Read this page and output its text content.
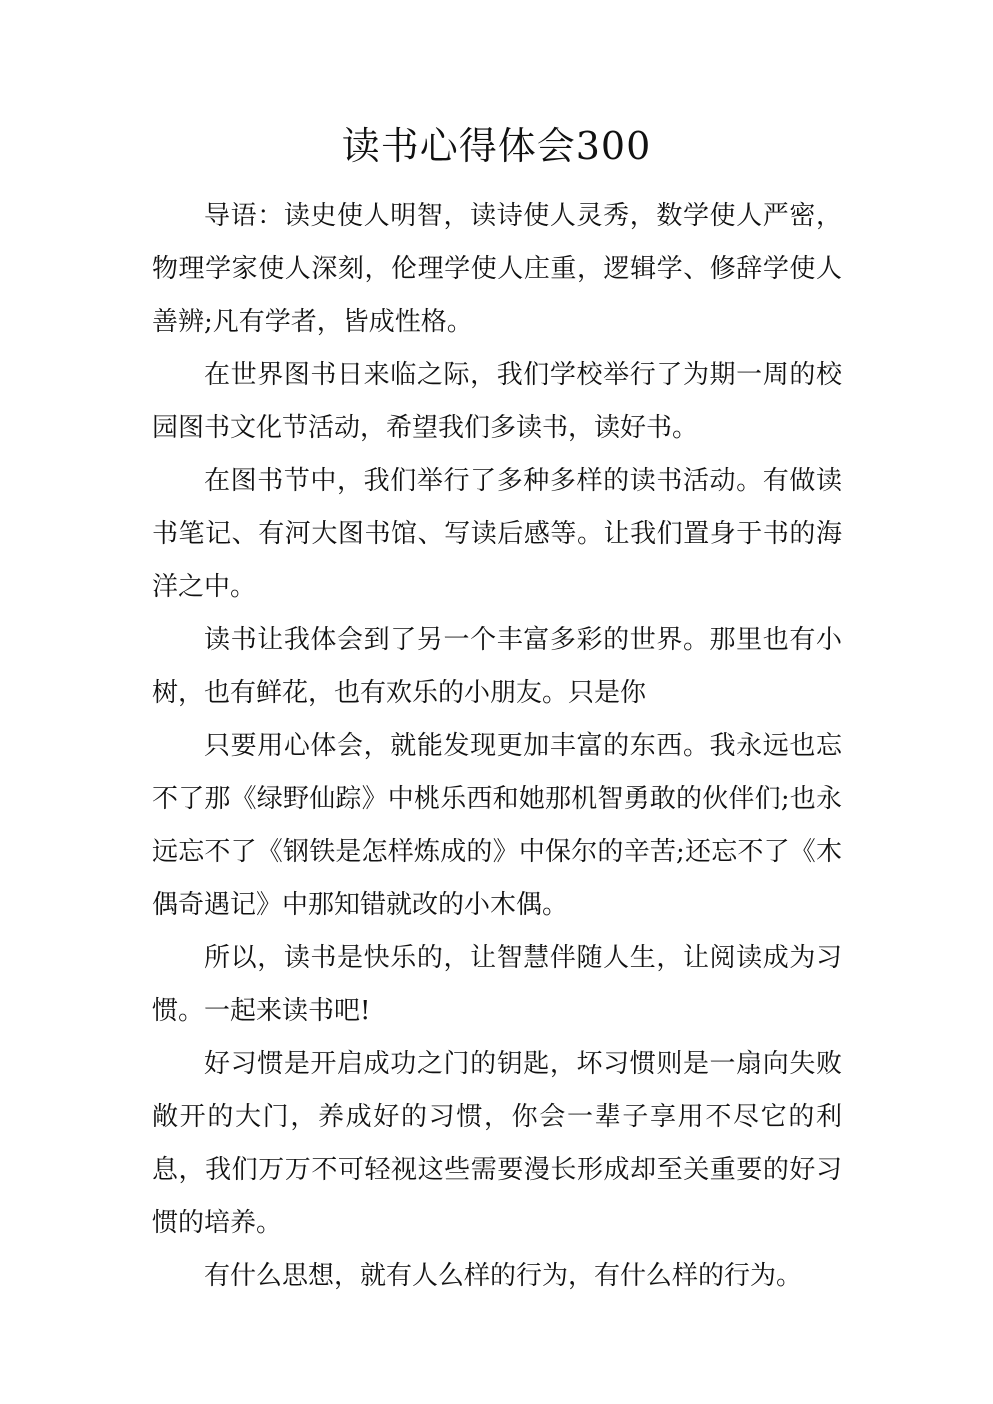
读书心得体会300

导语：读史使人明智，读诗使人灵秀，数学使人严密，物理学家使人深刻，伦理学使人庄重，逻辑学、修辞学使人善辨;凡有学者，皆成性格。

在世界图书日来临之际，我们学校举行了为期一周的校园图书文化节活动，希望我们多读书，读好书。

在图书节中，我们举行了多种多样的读书活动。有做读书笔记、有河大图书馆、写读后感等。让我们置身于书的海洋之中。

读书让我体会到了另一个丰富多彩的世界。那里也有小树，也有鲜花，也有欢乐的小朋友。只是你

只要用心体会，就能发现更加丰富的东西。我永远也忘不了那《绿野仙踪》中桃乐西和她那机智勇敢的伙伴们;也永远忘不了《钢铁是怎样炼成的》中保尔的辛苦;还忘不了《木偶奇遇记》中那知错就改的小木偶。

所以，读书是快乐的，让智慧伴随人生，让阅读成为习惯。一起来读书吧!

好习惯是开启成功之门的钥匙，坏习惯则是一扇向失败敞开的大门，养成好的习惯，你会一辈子享用不尽它的利息，我们万万不可轻视这些需要漫长形成却至关重要的好习惯的培养。

有什么思想，就有人么样的行为，有什么样的行为。
